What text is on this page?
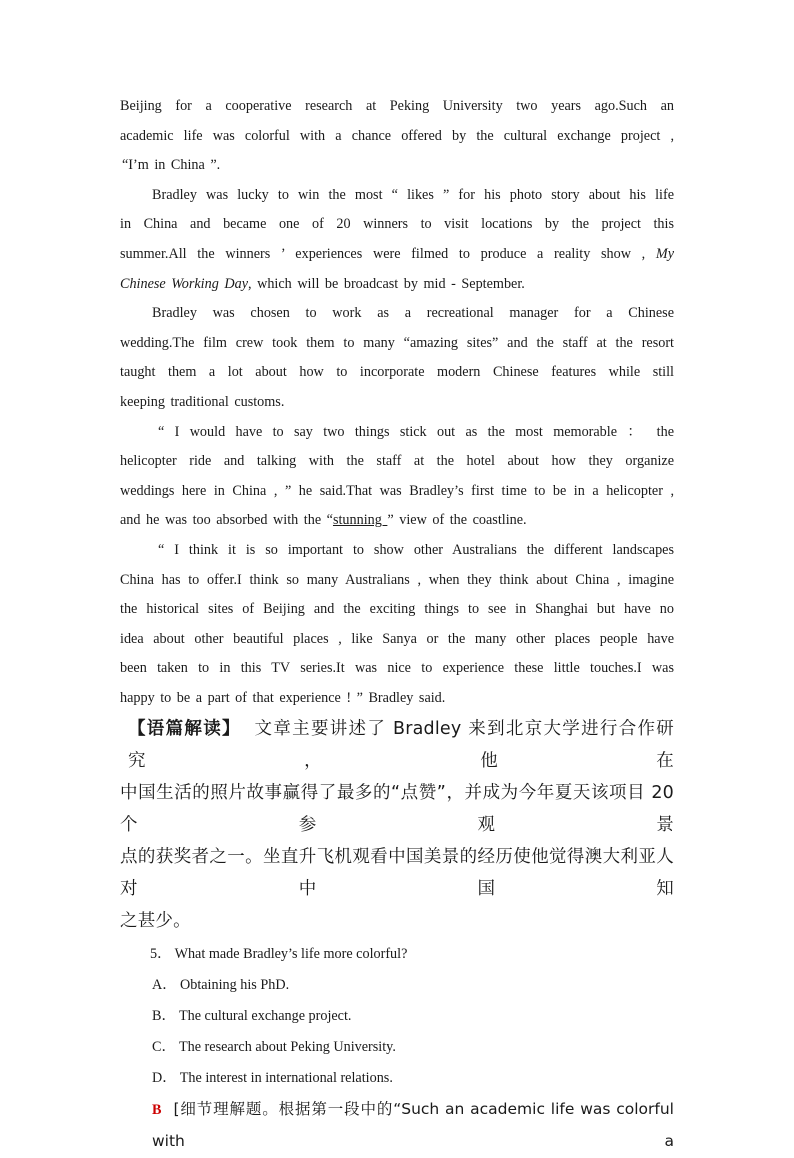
Beijing for a cooperative research at Peking University two years ago.Such an
academic life was colorful with a chance offered by the cultural exchange project ,
“I’m in China ”.

Bradley was lucky to win the most “ likes ” for his photo story about his life
in China and became one of 20 winners to visit locations by the project this
summer.All the winners ’ experiences were filmed to produce a reality show , My
Chinese Working Day, which will be broadcast by mid - September.

Bradley was chosen to work as a recreational manager for a Chinese
wedding.The film crew took them to many “amazing sites” and the staff at the resort
taught them a lot about how to incorporate modern Chinese features while still
keeping traditional customs.

“ I would have to say two things stick out as the most memorable ： the
helicopter ride and talking with the staff at the hotel about how they organize
weddings here in China , ” he said.That was Bradley’s first time to be in a helicopter ,
and he was too absorbed with the “stunning ” view of the coastline.

“ I think it is so important to show other Australians the different landscapes
China has to offer.I think so many Australians , when they think about China , imagine
the historical sites of Beijing and the exciting things to see in Shanghai but have no
idea about other beautiful places , like Sanya or the many other places people have
been taken to in this TV series.It was nice to experience these little touches.I was
happy to be a part of that experience ! ” Bradley said.

【语篇解读】 文章主要讲述了 Bradley 来到北京大学进行合作研究，他在
中国生活的照片故事赢得了最多的“点赞”，并成为今年夏天该项目 20 个参观景
点的获奖者之一。坐直升飞机观看中国美景的经历使他觉得澳大利亚人对中国知
之甚少。

5． What made Bradley’s life more colorful?
A． Obtaining his PhD.
B． The cultural exchange project.
C． The research about Peking University.
D． The interest in international relations.
B [细节理解题。根据第一段中的“Such an academic life was colorful with a
